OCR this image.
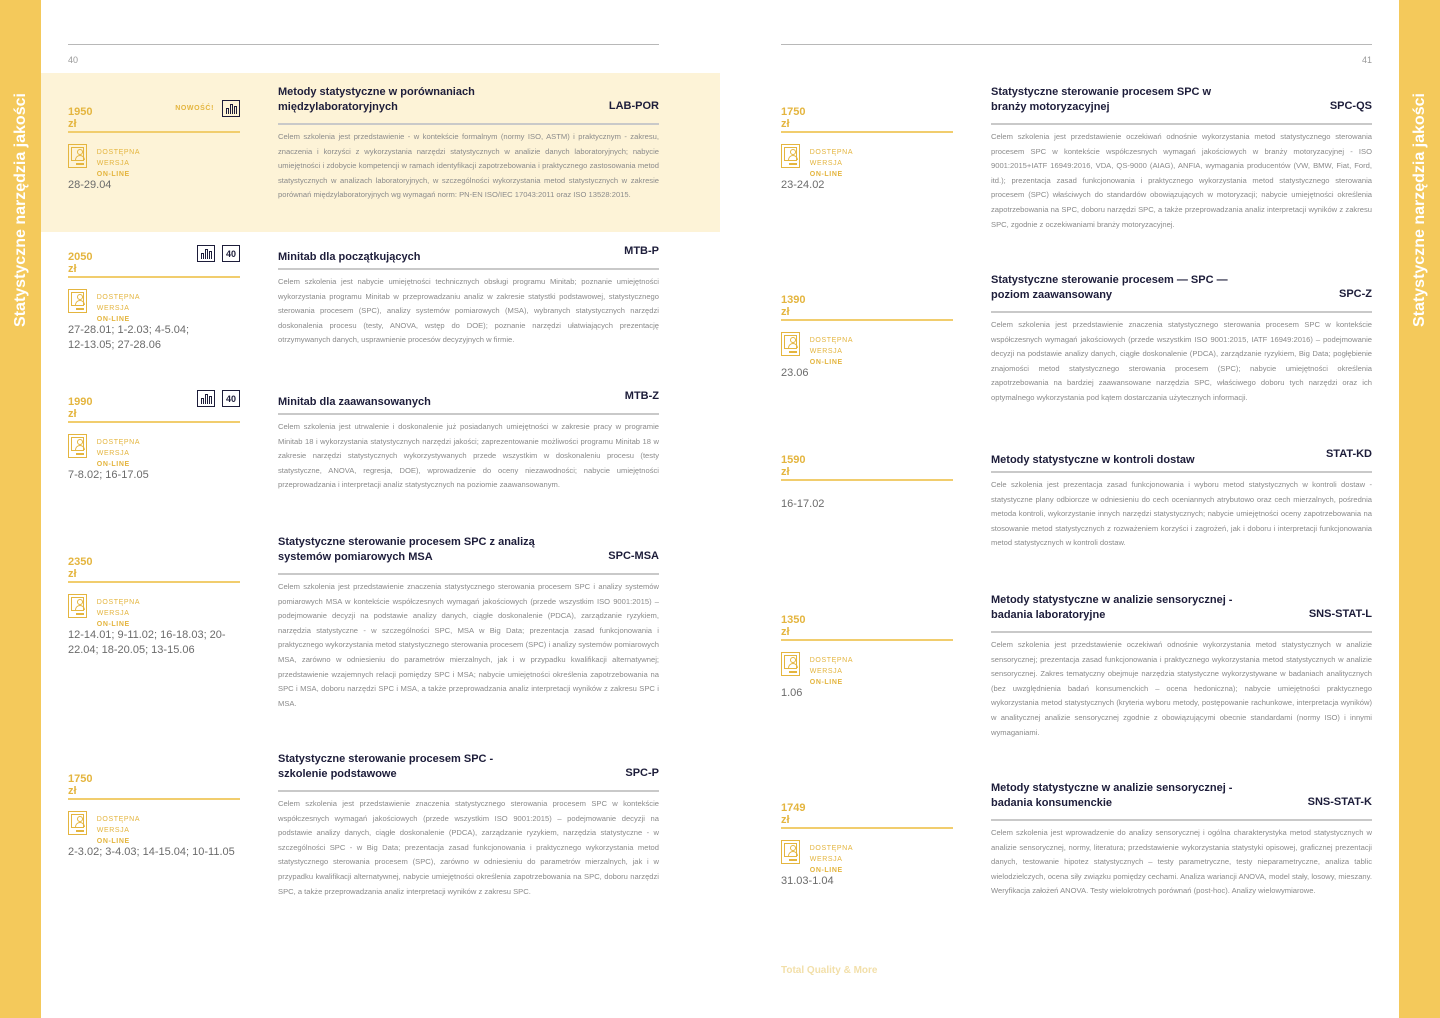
Statystyczne narzędzia jakości	Statystyczne narzędzia jakości
40	41
1950 zł
NOWOŚĆ!
DOSTĘPNA
WERSJA ON-LINE
28-29.04
Metody statystyczne w porównaniach międzylaboratoryjnych	LAB-POR
Celem szkolenia jest przedstawienie - w kontekście formalnym (normy ISO, ASTM) i praktycznym - zakresu, znaczenia i korzyści z wykorzystania narzędzi statystycznych w analizie danych laboratoryjnych; nabycie umiejętności i zdobycie kompetencji w ramach identyfikacji zapotrzebowania i praktycznego zastosowania metod statystycznych w analizach laboratoryjnych, w szczególności wykorzystania metod statystycznych w zakresie porównań międzylaboratoryjnych wg wymagań norm: PN-EN ISO/IEC 17043:2011 oraz ISO 13528:2015.
2050 zł
40
DOSTĘPNA
WERSJA ON-LINE
27-28.01; 1-2.03; 4-5.04; 12-13.05; 27-28.06
Minitab dla początkujących	MTB-P
Celem szkolenia jest nabycie umiejętności technicznych obsługi programu Minitab; poznanie umiejętności wykorzystania programu Minitab w przeprowadzaniu analiz w zakresie statystki podstawowej, statystycznego sterowania procesem (SPC), analizy systemów pomiarowych (MSA), wybranych statystycznych narzędzi doskonalenia procesu (testy, ANOVA, wstęp do DOE); poznanie narzędzi ułatwiających prezentację otrzymywanych danych, usprawnienie procesów decyzyjnych w firmie.
1990 zł
40
DOSTĘPNA
WERSJA ON-LINE
7-8.02; 16-17.05
Minitab dla zaawansowanych	MTB-Z
Celem szkolenia jest utrwalenie i doskonalenie już posiadanych umiejętności w zakresie pracy w programie Minitab 18 i wykorzystania statystycznych narzędzi jakości; zaprezentowanie możliwości programu Minitab 18 w zakresie narzędzi statystycznych wykorzystywanych przede wszystkim w doskonaleniu procesu (testy statystyczne, ANOVA, regresja, DOE), wprowadzenie do oceny niezawodności; nabycie umiejętności przeprowadzania i interpretacji analiz statystycznych na poziomie zaawansowanym.
2350 zł
DOSTĘPNA
WERSJA ON-LINE
12-14.01; 9-11.02; 16-18.03; 20-22.04; 18-20.05; 13-15.06
Statystyczne sterowanie procesem SPC z analizą systemów pomiarowych MSA	SPC-MSA
Celem szkolenia jest przedstawienie znaczenia statystycznego sterowania procesem SPC i analizy systemów pomiarowych MSA w kontekście współczesnych wymagań jakościowych (przede wszystkim ISO 9001:2015) – podejmowanie decyzji na podstawie analizy danych, ciągłe doskonalenie (PDCA), zarządzanie ryzykiem, narzędzia statystyczne - w szczególności SPC, MSA w Big Data; prezentacja zasad funkcjonowania i praktycznego wykorzystania metod statystycznego sterowania procesem (SPC) i analizy systemów pomiarowych MSA, zarówno w odniesieniu do parametrów mierzalnych, jak i w przypadku kwalifikacji alternatywnej; przedstawienie wzajemnych relacji pomiędzy SPC i MSA; nabycie umiejętności określenia zapotrzebowania na SPC i MSA, doboru narzędzi SPC i MSA, a także przeprowadzania analiz interpretacji wyników z zakresu SPC i MSA.
1750 zł
DOSTĘPNA
WERSJA ON-LINE
2-3.02; 3-4.03; 14-15.04; 10-11.05
Statystyczne sterowanie procesem SPC - szkolenie podstawowe	SPC-P
Celem szkolenia jest przedstawienie znaczenia statystycznego sterowania procesem SPC w kontekście współczesnych wymagań jakościowych (przede wszystkim ISO 9001:2015) – podejmowanie decyzji na podstawie analizy danych, ciągłe doskonalenie (PDCA), zarządzanie ryzykiem, narzędzia statystyczne - w szczególności SPC - w Big Data; prezentacja zasad funkcjonowania i praktycznego wykorzystania metod statystycznego sterowania procesem (SPC), zarówno w odniesieniu do parametrów mierzalnych, jak i w przypadku kwalifikacji alternatywnej, nabycie umiejętności określenia zapotrzebowania na SPC, doboru narzędzi SPC, a także przeprowadzania analiz interpretacji wyników z zakresu SPC.
1750 zł
DOSTĘPNA
WERSJA ON-LINE
23-24.02
Statystyczne sterowanie procesem SPC w branży motoryzacyjnej	SPC-QS
Celem szkolenia jest przedstawienie oczekiwań odnośnie wykorzystania metod statystycznego sterowania procesem SPC w kontekście współczesnych wymagań jakościowych w branży motoryzacyjnej - ISO 9001:2015+IATF 16949:2016, VDA, QS-9000 (AIAG), ANFIA, wymagania producentów (VW, BMW, Fiat, Ford, itd.); prezentacja zasad funkcjonowania i praktycznego wykorzystania metod statystycznego sterowania procesem (SPC) właściwych do standardów obowiązujących w motoryzacji; nabycie umiejętności określenia zapotrzebowania na SPC, doboru narzędzi SPC, a także przeprowadzania analiz interpretacji wyników z zakresu SPC, zgodnie z oczekiwaniami branży motoryzacyjnej.
1390 zł
DOSTĘPNA
WERSJA ON-LINE
23.06
Statystyczne sterowanie procesem — SPC — poziom zaawansowany	SPC-Z
Celem szkolenia jest przedstawienie znaczenia statystycznego sterowania procesem SPC w kontekście współczesnych wymagań jakościowych (przede wszystkim ISO 9001:2015, IATF 16949:2016) – podejmowanie decyzji na podstawie analizy danych, ciągłe doskonalenie (PDCA), zarządzanie ryzykiem, Big Data; pogłębienie znajomości metod statystycznego sterowania procesem (SPC); nabycie umiejętności określenia zapotrzebowania na bardziej zaawansowane narzędzia SPC, właściwego doboru tych narzędzi oraz ich optymalnego wykorzystania pod kątem dostarczania użytecznych informacji.
1590 zł
16-17.02
Metody statystyczne w kontroli dostaw	STAT-KD
Cele szkolenia jest prezentacja zasad funkcjonowania i wyboru metod statystycznych w kontroli dostaw - statystyczne plany odbiorcze w odniesieniu do cech oceniannych atrybutowo oraz cech mierzalnych, pośrednia metoda kontroli, wykorzystanie innych narzędzi statystycznych; nabycie umiejętności oceny zapotrzebowania na stosowanie metod statystycznych z rozważeniem korzyści i zagrożeń, jak i doboru i interpretacji funkcjonowania metod statystycznych w kontroli dostaw.
1350 zł
DOSTĘPNA
WERSJA ON-LINE
1.06
Metody statystyczne w analizie sensorycznej - badania laboratoryjne	SNS-STAT-L
Celem szkolenia jest przedstawienie oczekiwań odnośnie wykorzystania metod statystycznych w analizie sensorycznej; prezentacja zasad funkcjonowania i praktycznego wykorzystania metod statystycznych w analizie sensorycznej. Zakres tematyczny obejmuje narzędzia statystyczne wykorzystywane w badaniach analitycznych (bez uwzględnienia badań konsumenckich – ocena hedoniczna); nabycie umiejętności praktycznego wykorzystania metod statystycznych (kryteria wyboru metody, postępowanie rachunkowe, interpretacja wyników) w analitycznej analizie sensorycznej zgodnie z obowiązującymi obecnie standardami (normy ISO) i innymi wymaganiami.
1749 zł
DOSTĘPNA
WERSJA ON-LINE
31.03-1.04
Metody statystyczne w analizie sensorycznej - badania konsumenckie	SNS-STAT-K
Celem szkolenia jest wprowadzenie do analizy sensorycznej i ogólna charakterystyka metod statystycznych w analizie sensorycznej, normy, literatura; przedstawienie wykorzystania statystyki opisowej, graficznej prezentacji danych, testowanie hipotez statystycznych – testy parametryczne, testy nieparametryczne, analiza tablic wielodzielczych, ocena siły związku pomiędzy cechami. Analiza wariancji ANOVA, model stały, losowy, mieszany. Weryfikacja założeń ANOVA. Testy wielokrotnych porównań (post-hoc). Analizy wielowymiarowe.
Total Quality & More
